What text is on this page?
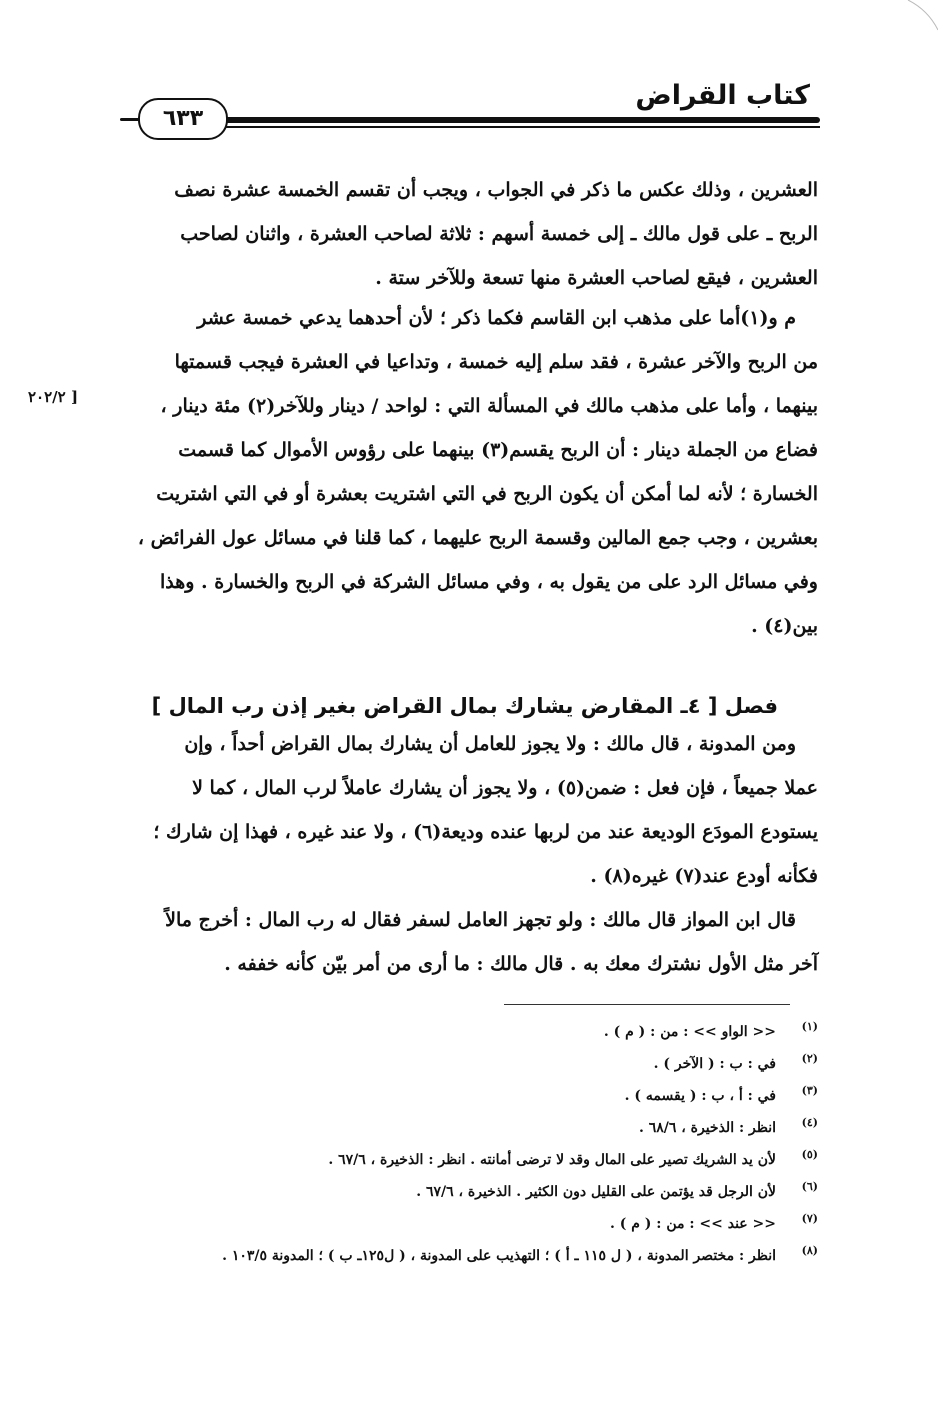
كتاب القراض
٦٣٣

العشرين ، وذلك عكس ما ذكر في الجواب ، ويجب أن تقسم الخمسة عشرة نصف

الربح ـ على قول مالك ـ إلى خمسة أسهم : ثلاثة لصاحب العشرة ، واثنان لصاحب

العشرين ، فيقع لصاحب العشرة منها تسعة وللآخر ستة .

م و(١)أما على مذهب ابن القاسم فكما ذكر ؛ لأن أحدهما يدعي خمسة عشر

من الربح والآخر عشرة ، فقد سلم إليه خمسة ، وتداعيا في العشرة فيجب قسمتها

بينهما ، وأما على مذهب مالك في المسألة التي : لواحد / دينار وللآخر(٢) مئة دينار ،

فضاع من الجملة دينار : أن الربح يقسم(٣) بينهما على رؤوس الأموال كما قسمت

الخسارة ؛ لأنه لما أمكن أن يكون الربح في التي اشتريت بعشرة أو في التي اشتريت

بعشرين ، وجب جمع المالين وقسمة الربح عليهما ، كما قلنا في مسائل عول الفرائض ،

وفي مسائل الرد على من يقول به ، وفي مسائل الشركة في الربح والخسارة . وهذا

بين(٤) .

[ ٢٠٢/٢
فصل [ ٤ـ المقارض يشارك بمال القراض بغير إذن رب المال ]

ومن المدونة ، قال مالك : ولا يجوز للعامل أن يشارك بمال القراض أحداً ، وإن

عملا جميعاً ، فإن فعل : ضمن(٥) ، ولا يجوز أن يشارك عاملاً لرب المال ، كما لا

يستودع المودَع الوديعة عند من لربها عنده وديعة(٦) ، ولا عند غيره ، فهذا إن شارك ؛

فكأنه أودع عند(٧) غيره(٨) .

قال ابن المواز قال مالك : ولو تجهز العامل لسفر فقال له رب المال : أخرج مالاً

آخر مثل الأول نشترك معك به . قال مالك : ما أرى من أمر بيّن كأنه خففه .

(١)<< الواو >> : من : ( م ) .
(٢)في : ب : ( الآخر ) .
(٣)في : أ ، ب : ( يقسمه ) .
(٤)انظر : الذخيرة ، ٦٨/٦ .
(٥)لأن يد الشريك تصير على المال وقد لا ترضى أمانته . انظر : الذخيرة ، ٦٧/٦ .
(٦)لأن الرجل قد يؤتمن على القليل دون الكثير . الذخيرة ، ٦٧/٦ .
(٧)<< عند >> : من : ( م ) .
(٨)انظر : مختصر المدونة ، ( ل ١١٥ ـ أ ) ؛ التهذيب على المدونة ، ( ل١٢٥ـ ب ) ؛ المدونة ١٠٣/٥ .
